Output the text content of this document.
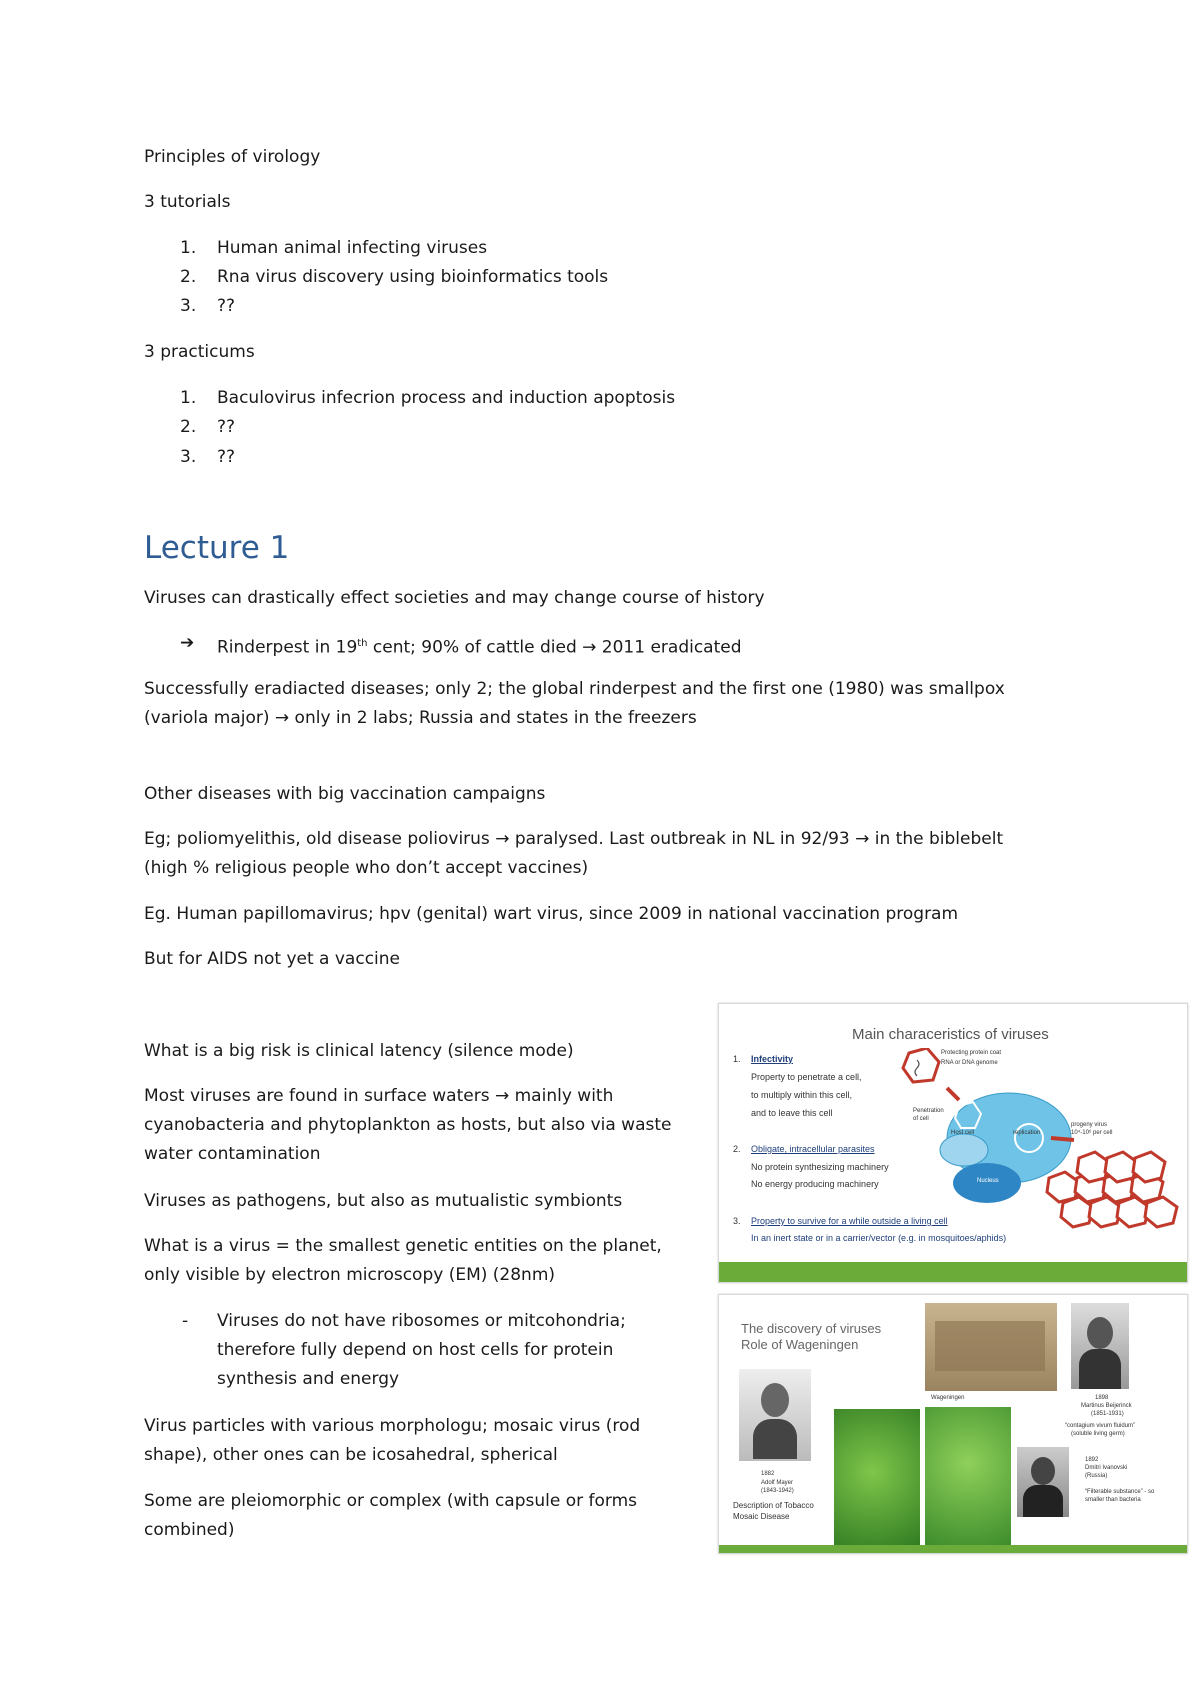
Principles of virology
3 tutorials
1. Human animal infecting viruses
2. Rna virus discovery using bioinformatics tools
3. ??
3 practicums
1. Baculovirus infecrion process and induction apoptosis
2. ??
3. ??
Lecture 1
Viruses can drastically effect societies and may change course of history
➔ Rinderpest in 19th cent; 90% of cattle died → 2011 eradicated
Successfully eradiacted diseases; only 2; the global rinderpest and the first one (1980) was smallpox (variola major) → only in 2 labs; Russia and states in the freezers
Other diseases with big vaccination campaigns
Eg; poliomyelithis, old disease poliovirus → paralysed. Last outbreak in NL in 92/93 → in the biblebelt (high % religious people who don’t accept vaccines)
Eg. Human papillomavirus; hpv (genital) wart virus, since 2009 in national vaccination program
But for AIDS not yet a vaccine
What is a big risk is clinical latency (silence mode)
Most viruses are found in surface waters → mainly with cyanobacteria and phytoplankton as hosts, but also via waste water contamination
Viruses as pathogens, but also as mutualistic symbionts
What is a virus = the smallest genetic entities on the planet, only visible by electron microscopy (EM) (28nm)
- Viruses do not have ribosomes or mitcohondria; therefore fully depend on host cells for protein synthesis and energy
Virus particles with various morphologu; mosaic virus (rod shape), other ones can be icosahedral, spherical
Some are pleiomorphic or complex (with capsule or forms combined)
Main characeristics of viruses
1. Infectivity
Property to penetrate a cell,
to multiply within this cell,
and to leave this cell
2. Obligate, intracellular parasites
No protein synthesizing machinery
No energy producing machinery
3. Property to survive for a while outside a living cell
In an inert state or in a carrier/vector (e.g. in mosquitoes/aphids)
Protecting protein coat
RNA or DNA genome
Penetration
of cell
Host cell
Nucleus
replication
progeny virus
10⁴-10⁶ per cell
The discovery of viruses
Role of Wageningen
Wageningen
1882
Adolf Mayer
(1843-1942)
Description of Tobacco
Mosaic Disease
1898
Martinus Beijerinck
(1851-1931)
“contagium vivum fluidum”
(soluble living germ)
1892
Dmitri Ivanovski
(Russia)
“Filterable substance” - so
smaller than bacteria
